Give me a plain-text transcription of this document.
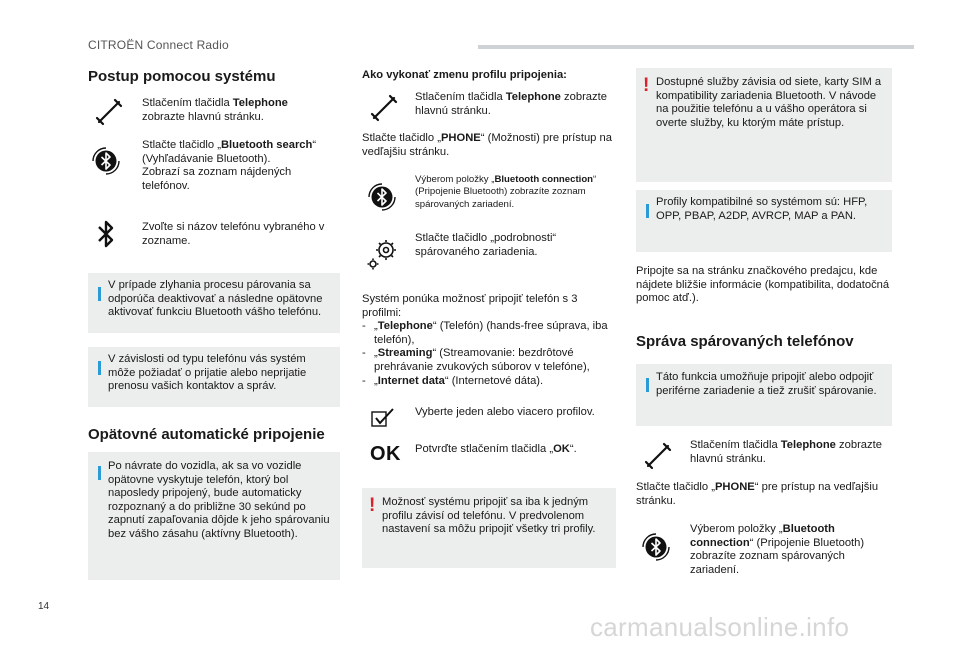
CITROËN Connect Radio
Postup pomocou systému
Stlačením tlačidla Telephone zobrazte hlavnú stránku.
Stlačte tlačidlo „Bluetooth search“ (Vyhľadávanie Bluetooth).
Zobrazí sa zoznam nájdených telefónov.
Zvoľte si názov telefónu vybraného v zozname.
V prípade zlyhania procesu párovania sa odporúča deaktivovať a následne opätovne aktivovať funkciu Bluetooth vášho telefónu.
V závislosti od typu telefónu vás systém môže požiadať o prijatie alebo neprijatie prenosu vašich kontaktov a správ.
Opätovné automatické pripojenie
Po návrate do vozidla, ak sa vo vozidle opätovne vyskytuje telefón, ktorý bol naposledy pripojený, bude automaticky rozpoznaný a do približne 30 sekúnd po zapnutí zapaľovania dôjde k jeho spárovaniu bez vášho zásahu (aktívny Bluetooth).
Ako vykonať zmenu profilu pripojenia:
Stlačením tlačidla Telephone zobrazte hlavnú stránku.
Stlačte tlačidlo „PHONE“ (Možnosti) pre prístup na vedľajšiu stránku.
Výberom položky „Bluetooth connection“ (Pripojenie Bluetooth) zobrazíte zoznam spárovaných zariadení.
Stlačte tlačidlo „podrobnosti“ spárovaného zariadenia.
Systém ponúka možnosť pripojiť telefón s 3 profilmi:
- „Telephone“ (Telefón) (hands-free súprava, iba telefón),
- „Streaming“ (Streamovanie: bezdrôtové prehrávanie zvukových súborov v telefóne),
- „Internet data“ (Internetové dáta).
Vyberte jeden alebo viacero profilov.
OK Potvrďte stlačením tlačidla „OK“.
! Možnosť systému pripojiť sa iba k jedným profilu závisí od telefónu. V predvolenom nastavení sa môžu pripojiť všetky tri profily.
! Dostupné služby závisia od siete, karty SIM a kompatibility zariadenia Bluetooth. V návode na použitie telefónu a u vášho operátora si overte služby, ku ktorým máte prístup.
Profily kompatibilné so systémom sú: HFP, OPP, PBAP, A2DP, AVRCP, MAP a PAN.
Pripojte sa na stránku značkového predajcu, kde nájdete bližšie informácie (kompatibilita, dodatočná pomoc atď.).
Správa spárovaných telefónov
Táto funkcia umožňuje pripojiť alebo odpojiť periférne zariadenie a tiež zrušiť spárovanie.
Stlačením tlačidla Telephone zobrazte hlavnú stránku.
Stlačte tlačidlo „PHONE“ pre prístup na vedľajšiu stránku.
Výberom položky „Bluetooth connection“ (Pripojenie Bluetooth) zobrazíte zoznam spárovaných zariadení.
14
carmanualsonline.info
